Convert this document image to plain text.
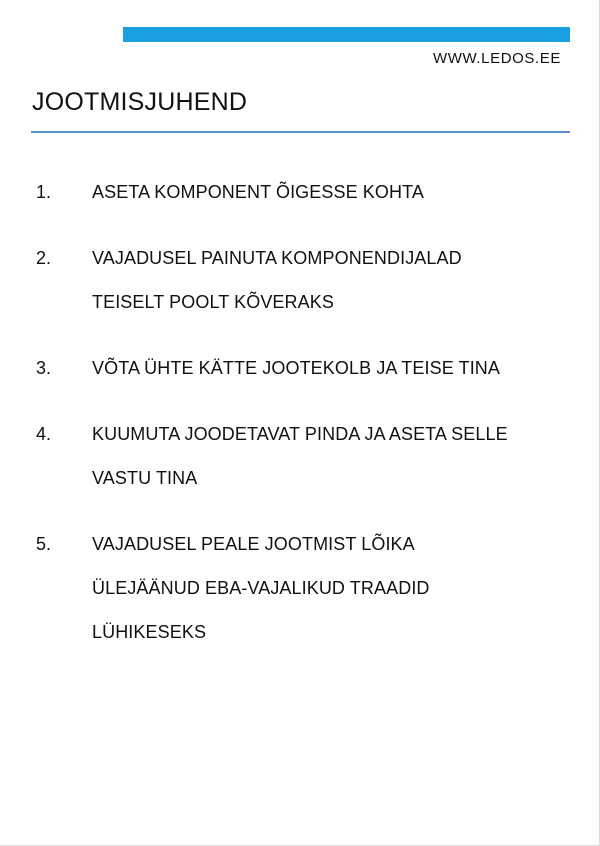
WWW.LEDOS.EE
JOOTMISJUHEND
1.	ASETA KOMPONENT ÕIGESSE KOHTA
2.	VAJADUSEL PAINUTA KOMPONENDIJALAD
TEISELT POOLT KÕVERAKS
3.	VÕTA ÜHTE KÄTTE JOOTEKOLB JA TEISE TINA
4.	KUUMUTA JOODETAVAT PINDA JA ASETA SELLE
VASTU TINA
5.	VAJADUSEL PEALE JOOTMIST LÕIKA
ÜLEJÄÄNUD EBA-VAJALIKUD TRAADID
LÜHIKESEKS
